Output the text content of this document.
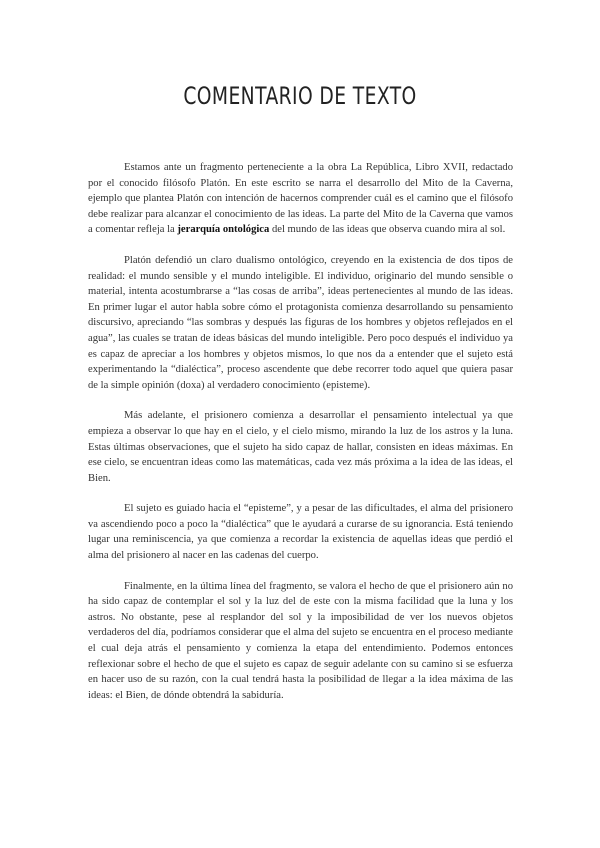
COMENTARIO DE TEXTO

Estamos ante un fragmento perteneciente a la obra La República, Libro XVII, redactado por el conocido filósofo Platón. En este escrito se narra el desarrollo del Mito de la Caverna, ejemplo que plantea Platón con intención de hacernos comprender cuál es el camino que el filósofo debe realizar para alcanzar el conocimiento de las ideas. La parte del Mito de la Caverna que vamos a comentar refleja la jerarquía ontológica del mundo de las ideas que observa cuando mira al sol.

Platón defendió un claro dualismo ontológico, creyendo en la existencia de dos tipos de realidad: el mundo sensible y el mundo inteligible. El individuo, originario del mundo sensible o material, intenta acostumbrarse a “las cosas de arriba”, ideas pertenecientes al mundo de las ideas. En primer lugar el autor habla sobre cómo el protagonista comienza desarrollando su pensamiento discursivo, apreciando “las sombras y después las figuras de los hombres y objetos reflejados en el agua”, las cuales se tratan de ideas básicas del mundo inteligible. Pero poco después el individuo ya es capaz de apreciar a los hombres y objetos mismos, lo que nos da a entender que el sujeto está experimentando la “dialéctica”, proceso ascendente que debe recorrer todo aquel que quiera pasar de la simple opinión (doxa) al verdadero conocimiento (episteme).

Más adelante, el prisionero comienza a desarrollar el pensamiento intelectual ya que empieza a observar lo que hay en el cielo, y el cielo mismo, mirando la luz de los astros y la luna. Estas últimas observaciones, que el sujeto ha sido capaz de hallar, consisten en ideas máximas. En ese cielo, se encuentran ideas como las matemáticas, cada vez más próxima a la idea de las ideas, el Bien.

El sujeto es guiado hacia el “episteme”, y a pesar de las dificultades, el alma del prisionero va ascendiendo poco a poco la “dialéctica” que le ayudará a curarse de su ignorancia. Está teniendo lugar una reminiscencia, ya que comienza a recordar la existencia de aquellas ideas que perdió el alma del prisionero al nacer en las cadenas del cuerpo.

Finalmente, en la última línea del fragmento, se valora el hecho de que el prisionero aún no ha sido capaz de contemplar el sol y la luz del de este con la misma facilidad que la luna y los astros. No obstante, pese al resplandor del sol y la imposibilidad de ver los nuevos objetos verdaderos del día, podríamos considerar que el alma del sujeto se encuentra en el proceso mediante el cual deja atrás el pensamiento y comienza la etapa del entendimiento. Podemos entonces reflexionar sobre el hecho de que el sujeto es capaz de seguir adelante con su camino si se esfuerza en hacer uso de su razón, con la cual tendrá hasta la posibilidad de llegar a la idea máxima de las ideas: el Bien, de dónde obtendrá la sabiduría.
